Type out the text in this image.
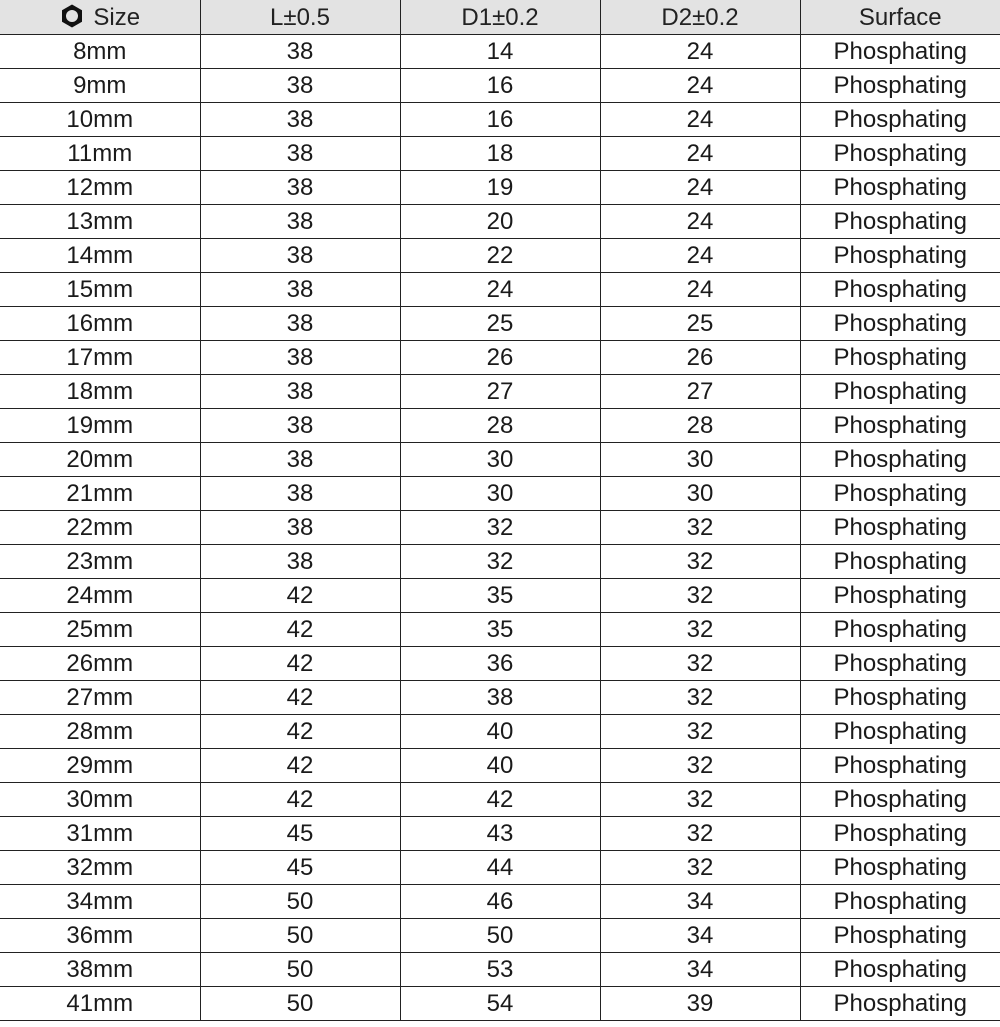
Size	L±0.5	D1±0.2	D2±0.2	Surface
8mm	38	14	24	Phosphating
9mm	38	16	24	Phosphating
10mm	38	16	24	Phosphating
11mm	38	18	24	Phosphating
12mm	38	19	24	Phosphating
13mm	38	20	24	Phosphating
14mm	38	22	24	Phosphating
15mm	38	24	24	Phosphating
16mm	38	25	25	Phosphating
17mm	38	26	26	Phosphating
18mm	38	27	27	Phosphating
19mm	38	28	28	Phosphating
20mm	38	30	30	Phosphating
21mm	38	30	30	Phosphating
22mm	38	32	32	Phosphating
23mm	38	32	32	Phosphating
24mm	42	35	32	Phosphating
25mm	42	35	32	Phosphating
26mm	42	36	32	Phosphating
27mm	42	38	32	Phosphating
28mm	42	40	32	Phosphating
29mm	42	40	32	Phosphating
30mm	42	42	32	Phosphating
31mm	45	43	32	Phosphating
32mm	45	44	32	Phosphating
34mm	50	46	34	Phosphating
36mm	50	50	34	Phosphating
38mm	50	53	34	Phosphating
41mm	50	54	39	Phosphating
